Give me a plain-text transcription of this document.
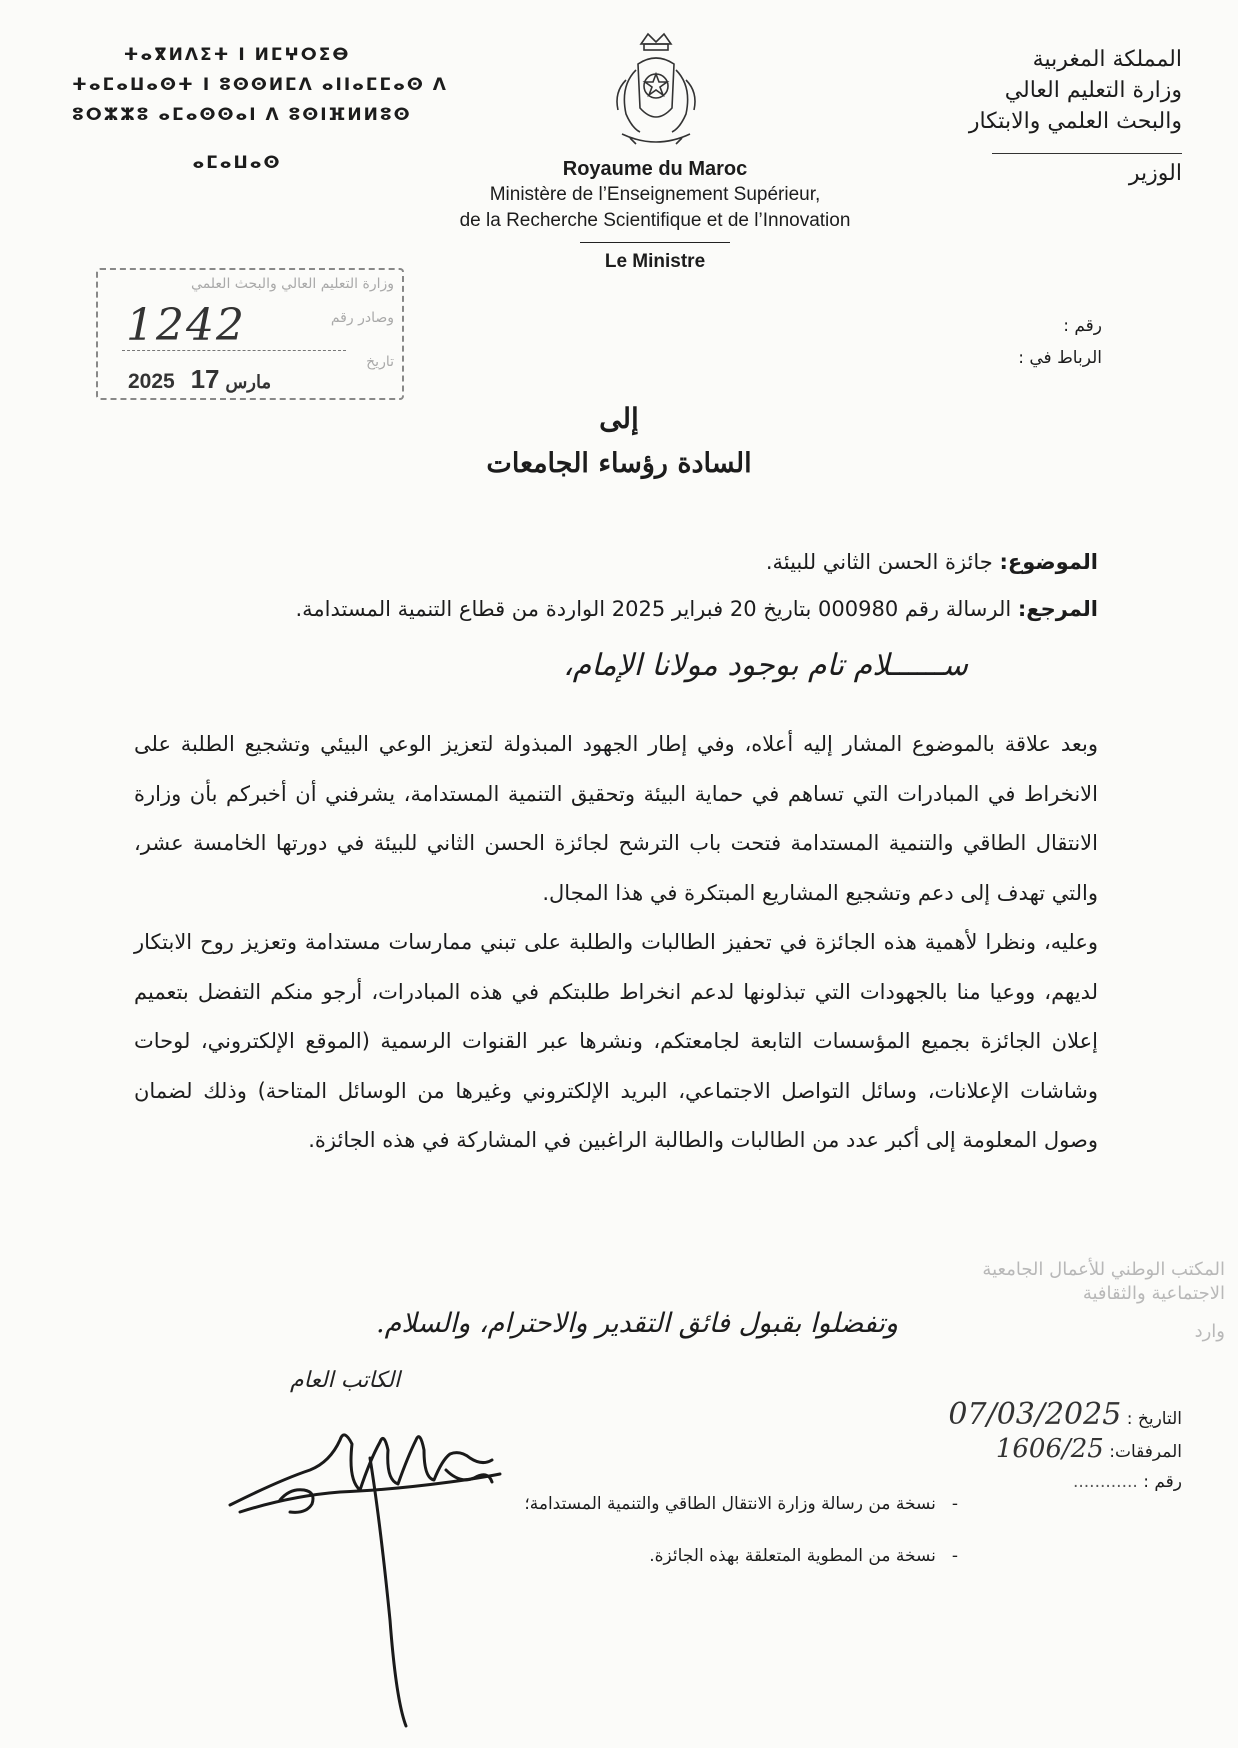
ⵜⴰⴳⵍⴷⵉⵜ ⵏ ⵍⵎⵖⵔⵉⴱ
ⵜⴰⵎⴰⵡⴰⵙⵜ ⵏ ⵓⵙⵙⵍⵎⴷ ⴰⵏⵏⴰⵎⵎⴰⵙ ⴷ
ⵓⵔⵣⵣⵓ ⴰⵎⴰⵙⵙⴰⵏ ⴷ ⵓⵙⵏⴼⵍⵍⵓⵙ
ⴰⵎⴰⵡⴰⵙ	Royaume du Maroc
Ministère de l’Enseignement Supérieur,
de la Recherche Scientifique et de l’Innovation
Le Ministre
المملكة المغربية
وزارة التعليم العالي
والبحث العلمي والابتكار
الوزير
وزارة التعليم العالي والبحث العلمي
وصادر رقم
تاريخ
1242
2025	مارس 17
رقم :
الرباط في :
إلى
السادة رؤساء الجامعات
الموضوع: جائزة الحسن الثاني للبيئة.
المرجع: الرسالة رقم 000980 بتاريخ 20 فبراير 2025 الواردة من قطاع التنمية المستدامة.
ســــــلام تام بوجود مولانا الإمام،

وبعد علاقة بالموضوع المشار إليه أعلاه، وفي إطار الجهود المبذولة لتعزيز الوعي البيئي وتشجيع الطلبة على الانخراط في المبادرات التي تساهم في حماية البيئة وتحقيق التنمية المستدامة، يشرفني أن أخبركم بأن وزارة الانتقال الطاقي والتنمية المستدامة فتحت باب الترشح لجائزة الحسن الثاني للبيئة في دورتها الخامسة عشر، والتي تهدف إلى دعم وتشجيع المشاريع المبتكرة في هذا المجال.

وعليه، ونظرا لأهمية هذه الجائزة في تحفيز الطالبات والطلبة على تبني ممارسات مستدامة وتعزيز روح الابتكار لديهم، ووعيا منا بالجهودات التي تبذلونها لدعم انخراط طلبتكم في هذه المبادرات، أرجو منكم التفضل بتعميم إعلان الجائزة بجميع المؤسسات التابعة لجامعتكم، ونشرها عبر القنوات الرسمية (الموقع الإلكتروني، لوحات وشاشات الإعلانات، وسائل التواصل الاجتماعي، البريد الإلكتروني وغيرها من الوسائل المتاحة) وذلك لضمان وصول المعلومة إلى أكبر عدد من الطالبات والطالبة الراغبين في المشاركة في هذه الجائزة.

المكتب الوطني للأعمال الجامعية
الاجتماعية والثقافية
وارد
وتفضلوا بقبول فائق التقدير والاحترام، والسلام.
الكاتب العام
التاريخ : 07/03/2025
المرفقات: 1606/25
رقم : ............
-نسخة من رسالة وزارة الانتقال الطاقي والتنمية المستدامة؛
-نسخة من المطوية المتعلقة بهذه الجائزة.
